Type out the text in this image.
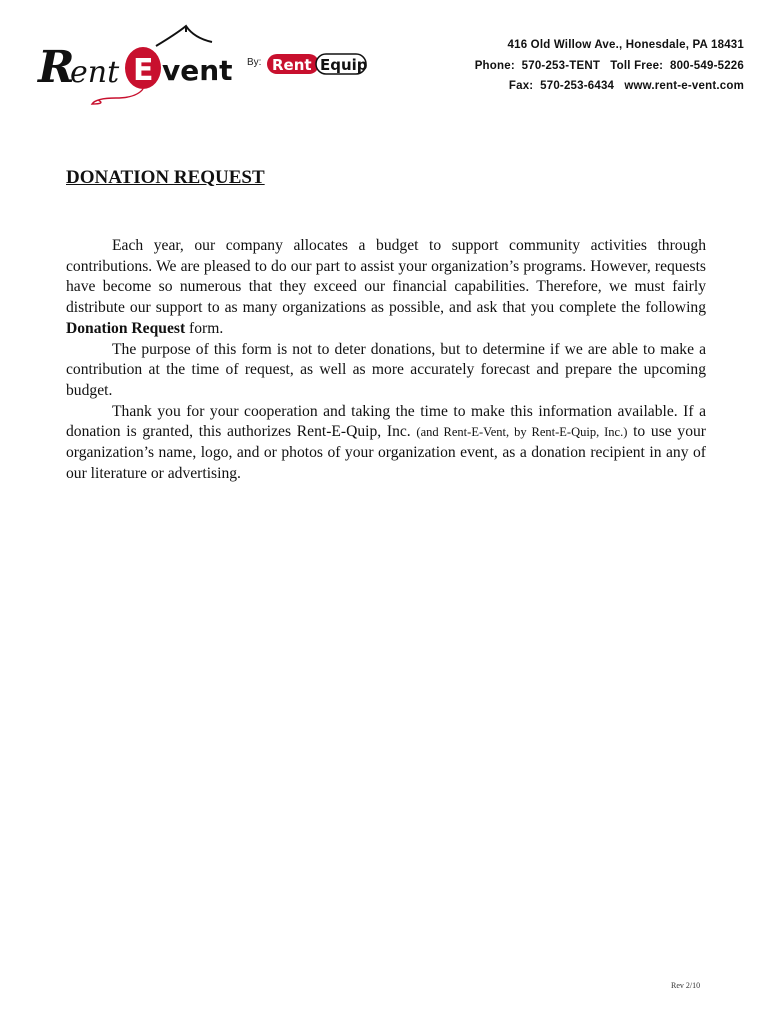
R
ent E vent By: Rent Equip
416 Old Willow Ave., Honesdale, PA 18431
Phone:  570-253-TENT   Toll Free:  800-549-5226
Fax:  570-253-6434   www.rent-e-vent.com
DONATION REQUEST

Each year, our company allocates a budget to support community activities through contributions. We are pleased to do our part to assist your organization’s programs. However, requests have become so numerous that they exceed our financial capabilities. Therefore, we must fairly distribute our support to as many organizations as possible, and ask that you complete the following Donation Request form.

The purpose of this form is not to deter donations, but to determine if we are able to make a contribution at the time of request, as well as more accurately forecast and prepare the upcoming budget.

Thank you for your cooperation and taking the time to make this information available. If a donation is granted, this authorizes Rent-E-Quip, Inc. (and Rent-E-Vent, by Rent-E-Quip, Inc.) to use your organization’s name, logo, and or photos of your organization event, as a donation recipient in any of our literature or advertising.

Rev 2/10
